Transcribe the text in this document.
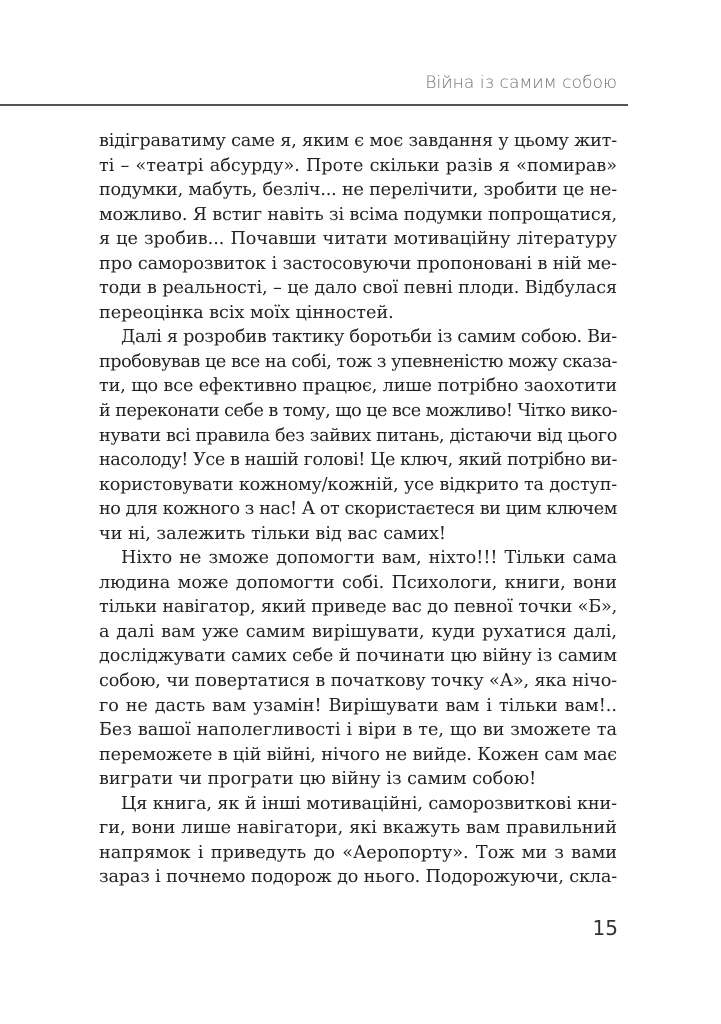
Війна із самим собою
відіграватиму саме я, яким є моє завдання у цьому жит-
ті – «театрі абсурду». Проте скільки разів я «помирав»
подумки, мабуть, безліч... не перелічити, зробити це не-
можливо. Я встиг навіть зі всіма подумки попрощатися,
я це зробив... Почавши читати мотиваційну літературу
про саморозвиток і застосовуючи пропоновані в ній ме-
тоди в реальності, – це дало свої певні плоди. Відбулася
переоцінка всіх моїх цінностей.
Далі я розробив тактику боротьби із самим собою. Ви-
пробовував це все на собі, тож з упевненістю можу сказа-
ти, що все ефективно працює, лише потрібно заохотити
й переконати себе в тому, що це все можливо! Чітко вико-
нувати всі правила без зайвих питань, дістаючи від цього
насолоду! Усе в нашій голові! Це ключ, який потрібно ви-
користовувати кожному/кожній, усе відкрито та доступ-
но для кожного з нас! А от скористаєтеся ви цим ключем
чи ні, залежить тільки від вас самих!
Ніхто не зможе допомогти вам, ніхто!!! Тільки сама
людина може допомогти собі. Психологи, книги, вони
тільки навігатор, який приведе вас до певної точки «Б»,
а далі вам уже самим вирішувати, куди рухатися далі,
досліджувати самих себе й починати цю війну із самим
собою, чи повертатися в початкову точку «А», яка нічо-
го не дасть вам узамін! Вирішувати вам і тільки вам!..
Без вашої наполегливості і віри в те, що ви зможете та
переможете в цій війні, нічого не вийде. Кожен сам має
виграти чи програти цю війну із самим собою!
Ця книга, як й інші мотиваційні, саморозвиткові кни-
ги, вони лише навігатори, які вкажуть вам правильний
напрямок і приведуть до «Аеропорту». Тож ми з вами
зараз і почнемо подорож до нього. Подорожуючи, скла-
15
